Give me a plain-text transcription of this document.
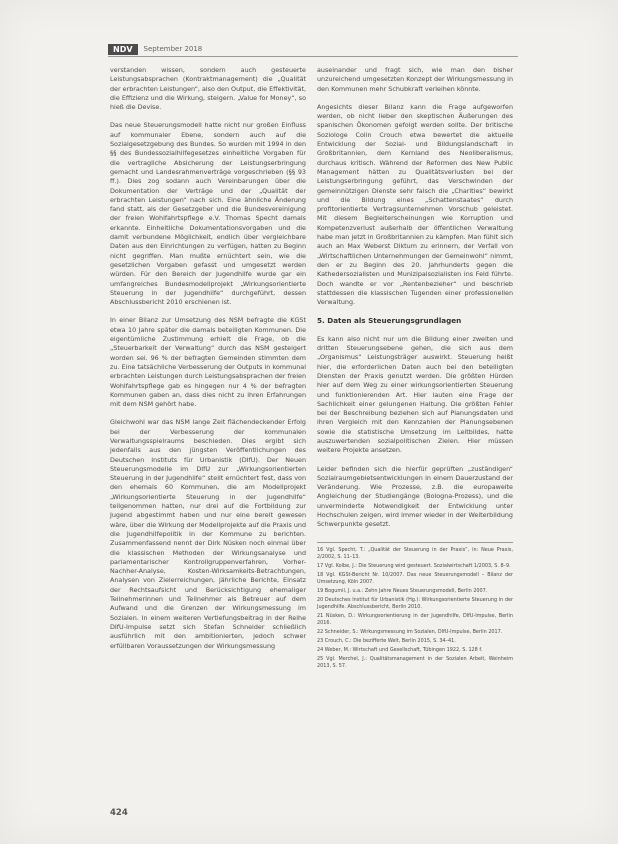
NDV	September 2018

verstanden wissen, sondern auch gesteuerte Leistungsabsprachen (Kontraktmanagement) die „Qualität der erbrachten Leistungen“, also den Output, die Effektivität, die Effizienz und die Wirkung, steigern. „Value for Money“, so hieß die Devise.

Das neue Steuerungsmodell hatte nicht nur großen Einfluss auf kommunaler Ebene, sondern auch auf die Sozialgesetzgebung des Bundes. So wurden mit 1994 in den §§ des Bundessozialhilfegesetzes einheitliche Vorgaben für die vertragliche Absicherung der Leistungserbringung gemacht und Landesrahmenverträge vorgeschrieben (§§ 93 ff.). Dies zog sodann auch Vereinbarungen über die Dokumentation der Verträge und der „Qualität der erbrachten Leistungen“ nach sich. Eine ähnliche Änderung fand statt, als der Gesetzgeber und die Bundesvereinigung der freien Wohlfahrtspflege e.V. Thomas Specht damals erkannte. Einheitliche Dokumentationsvorgaben und die damit verbundene Möglichkeit, endlich über vergleichbare Daten aus den Einrichtungen zu verfügen, hatten zu Beginn nicht gegriffen. Man mußte ernüchtert sein, wie die gesetzlichen Vorgaben gefasst und umgesetzt werden würden. Für den Bereich der Jugendhilfe wurde gar ein umfangreiches Bundesmodellprojekt „Wirkungsorientierte Steuerung in der Jugendhilfe“ durchgeführt, dessen Abschlussbericht 2010 erschienen ist.

In einer Bilanz zur Umsetzung des NSM befragte die KGSt etwa 10 Jahre später die damals beteiligten Kommunen. Die eigentümliche Zustimmung erhielt die Frage, ob die „Steuerbarkeit der Verwaltung“ durch das NSM gesteigert worden sei. 96 % der befragten Gemeinden stimmten dem zu. Eine tatsächliche Verbesserung der Outputs in kommunal erbrachten Leistungen durch Leistungsabsprachen der freien Wohlfahrtspflege gab es hingegen nur 4 % der befragten Kommunen gaben an, dass dies nicht zu ihren Erfahrungen mit dem NSM gehört habe.

Gleichwohl war das NSM lange Zeit flächendeckender Erfolg bei der Verbesserung der kommunalen Verwaltungsspielraums beschieden. Dies ergibt sich jedenfalls aus den jüngsten Veröffentlichungen des Deutschen Instituts für Urbanistik (DIfU). Der Neuen Steuerungsmodelle im DIfU zur „Wirkungsorientierten Steuerung in der Jugendhilfe“ stellt ernüchtert fest, dass von den ehemals 60 Kommunen, die am Modellprojekt „Wirkungsorientierte Steuerung in der Jugendhilfe“ teilgenommen hatten, nur drei auf die Fortbildung zur Jugend abgestimmt haben und nur eine bereit gewesen wäre, über die Wirkung der Modellprojekte auf die Praxis und die Jugendhilfepolitik in der Kommune zu berichten. Zusammenfassend nennt der Dirk Nüsken noch einmal über die klassischen Methoden der Wirkungsanalyse und parlamentarischer Kontrollgruppenverfahren, Vorher-Nachher-Analyse, Kosten-Wirksamkeits-Betrachtungen, Analysen von Zielerreichungen, jährliche Berichte, Einsatz der Rechtsaufsicht und Berücksichtigung ehemaliger Teilnehmerinnen und Teilnehmer als Betreuer auf dem Aufwand und die Grenzen der Wirkungsmessung im Sozialen. In einem weiteren Vertiefungsbeitrag in der Reihe DIfU-Impulse setzt sich Stefan Schneider schließlich ausführlich mit den ambitionierten, jedoch schwer erfüllbaren Voraussetzungen der Wirkungsmessung

auseinander und fragt sich, wie man den bisher unzureichend umgesetzten Konzept der Wirkungsmessung in den Kommunen mehr Schubkraft verleihen könnte.

Angesichts dieser Bilanz kann die Frage aufgeworfen werden, ob nicht lieber den skeptischen Äußerungen des spanischen Ökonomen gefolgt werden sollte. Der britische Soziologe Colin Crouch etwa bewertet die aktuelle Entwicklung der Sozial- und Bildungslandschaft in Großbritannien, dem Kernland des Neoliberalismus, durchaus kritisch. Während der Reformen des New Public Management hätten zu Qualitätsverlusten bei der Leistungserbringung geführt, das Verschwinden der gemeinnützigen Dienste sehr falsch die „Charities“ bewirkt und die Bildung eines „Schattenstaates“ durch profitorientierte Vertragsunternehmen Vorschub geleistet. Mit diesem Begleiterscheinungen wie Korruption und Kompetenzverlust außerhalb der öffentlichen Verwaltung habe man jetzt in Großbritannien zu kämpfen. Man fühlt sich auch an Max Weberst Diktum zu erinnern, der Verfall von „Wirtschaftlichen Unternehmungen der Gemeinwohl“ nimmt, den er zu Beginn des 20. Jahrhunderts gegen die Kathedersozialisten und Munizipalsozialisten ins Feld führte. Doch wandte er vor „Rentenbezieher“ und beschrieb stattdessen die klassischen Tugenden einer professionellen Verwaltung.

5. Daten als Steuerungsgrundlagen

Es kann also nicht nur um die Bildung einer zweiten und dritten Steuerungsebene gehen, die sich aus dem „Organismus“ Leistungsträger auswirkt. Steuerung heißt hier, die erforderlichen Daten auch bei den beteiligten Diensten der Praxis genutzt werden. Die größten Hürden hier auf dem Weg zu einer wirkungsorientierten Steuerung und funktionierenden Art. Hier lauten eine Frage der Sachlichkeit einer gelungenen Haltung. Die größten Fehler bei der Beschreibung beziehen sich auf Planungsdaten und ihren Vergleich mit den Kennzahlen der Planungsebenen sowie die statistische Umsetzung im Leitbildes, hatte auszuwertenden sozialpolitischen Zielen. Hier müssen weitere Projekte ansetzen.

Leider befinden sich die hierfür geprüften „zuständigen“ Sozialraumgebietsentwicklungen in einem Dauerzustand der Veränderung. Wie Prozesse, z.B. die europaweite Angleichung der Studiengänge (Bologna-Prozess), und die unverminderte Notwendigkeit der Entwicklung unter Hochschulen zeigen, wird immer wieder in der Weiterbildung Schwerpunkte gesetzt.

16 Vgl. Specht, T.: „Qualität der Steuerung in der Praxis“, in: Neue Praxis, 2/2002, S. 11–13.
17 Vgl. Kolbe, J.: Die Steuerung wird gesteuert. Sozialwirtschaft 1/2003, S. 8–9.
18 Vgl. KGSt-Bericht Nr. 10/2007. Das neue Steuerungsmodell – Bilanz der Umsetzung, Köln 2007.
19 Bogumil, J. u.a.: Zehn Jahre Neues Steuerungsmodell, Berlin 2007.
20 Deutsches Institut für Urbanistik (Hg.): Wirkungsorientierte Steuerung in der Jugendhilfe. Abschlussbericht, Berlin 2010.
21 Nüsken, D.: Wirkungsorientierung in der Jugendhilfe, DIfU-Impulse, Berlin 2016.
22 Schneider, S.: Wirkungsmessung im Sozialen, DIfU-Impulse, Berlin 2017.
23 Crouch, C.: Die bezifferte Welt, Berlin 2015, S. 34–41.
24 Weber, M.: Wirtschaft und Gesellschaft, Tübingen 1922, S. 128 f.
25 Vgl. Merchel, J.: Qualitätsmanagement in der Sozialen Arbeit, Weinheim 2013, S. 57.
424
